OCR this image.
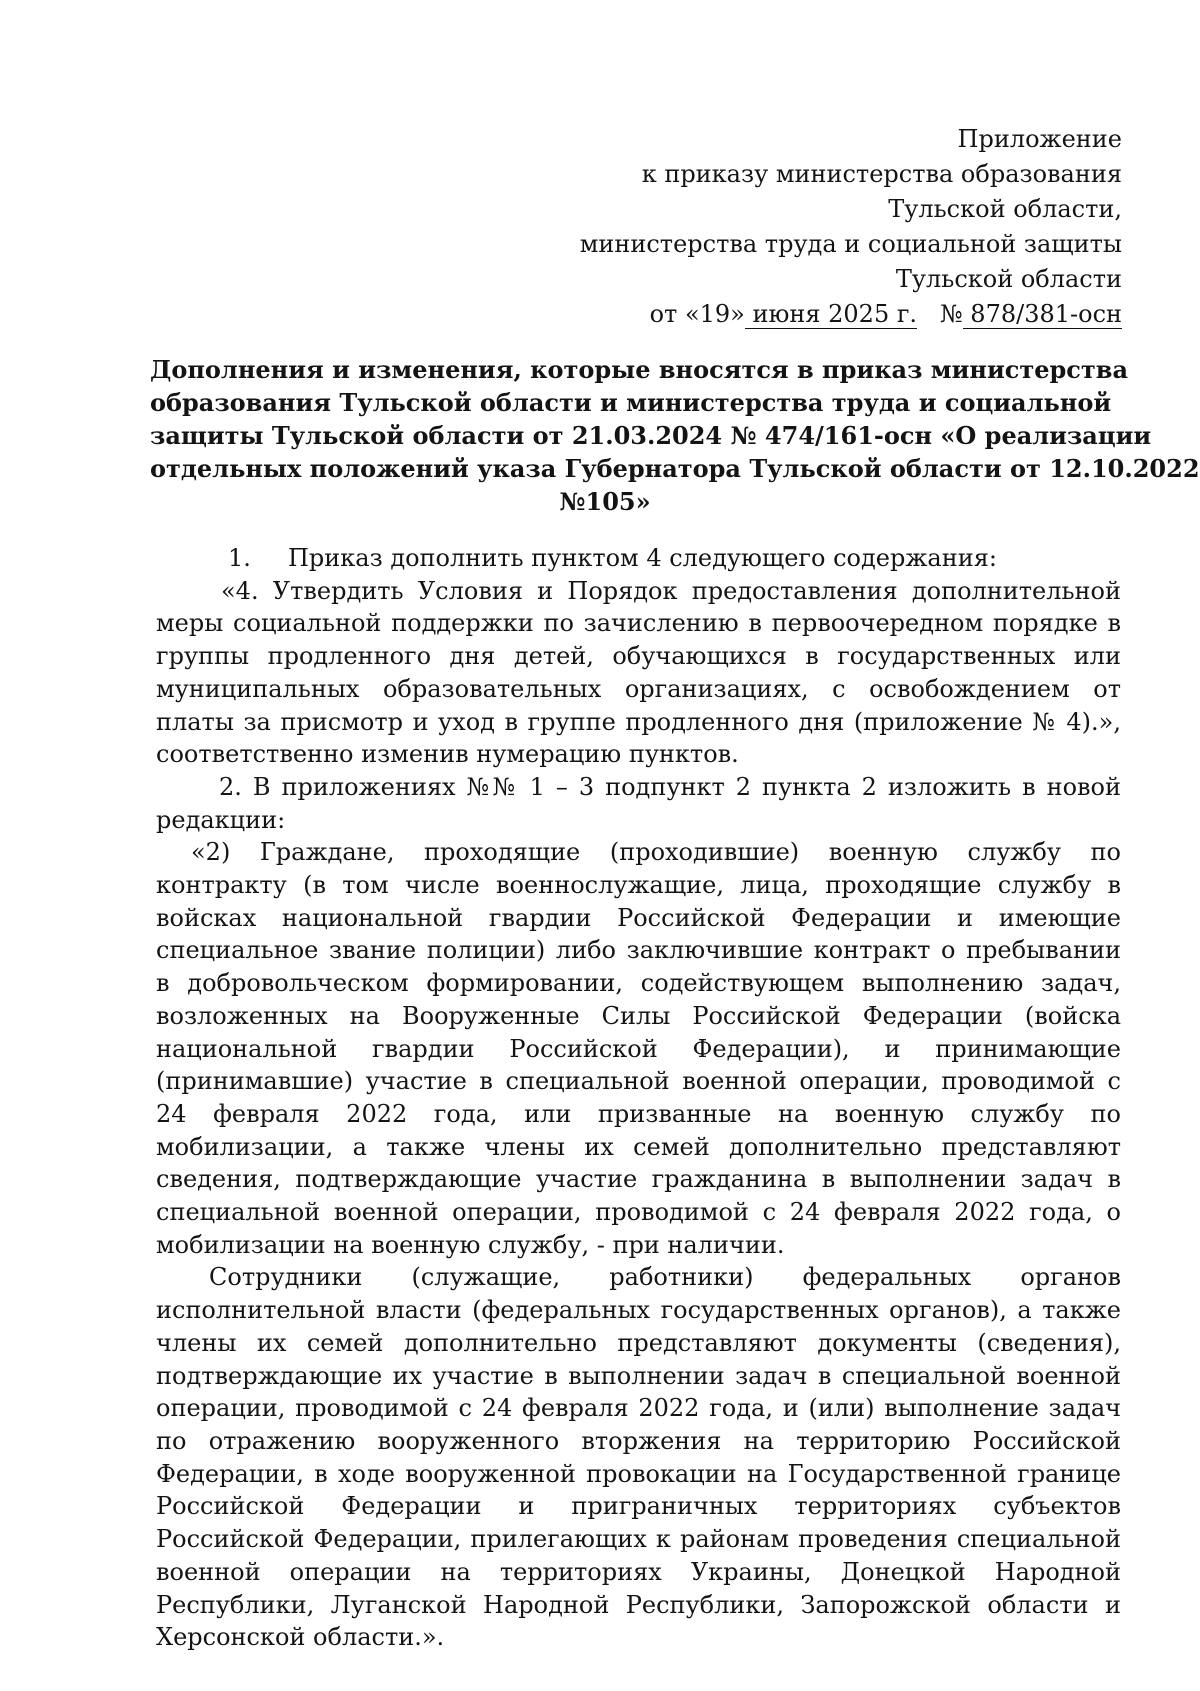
Приложение
к приказу министерства образования
Тульской области,
министерства труда и социальной защиты
Тульской области
от «19» июня 2025 г. № 878/381-осн
Дополнения и изменения, которые вносятся в приказ министерства
образования Тульской области и министерства труда и социальной
защиты Тульской области от 21.03.2024 № 474/161-осн «О реализации
отдельных положений указа Губернатора Тульской области от 12.10.2022
№105»

1. Приказ дополнить пунктом 4 следующего содержания:

«4. Утвердить Условия и Порядок предоставления дополнительной меры социальной поддержки по зачислению в первоочередном порядке в группы продленного дня детей, обучающихся в государственных или муниципальных образовательных организациях, с освобождением от платы за присмотр и уход в группе продленного дня (приложение № 4).», соответственно изменив нумерацию пунктов.

2. В приложениях №№ 1 – 3 подпункт 2 пункта 2 изложить в новой редакции:

«2) Граждане, проходящие (проходившие) военную службу по контракту (в том числе военнослужащие, лица, проходящие службу в войсках национальной гвардии Российской Федерации и имеющие специальное звание полиции) либо заключившие контракт о пребывании в добровольческом формировании, содействующем выполнению задач, возложенных на Вооруженные Силы Российской Федерации (войска национальной гвардии Российской Федерации), и принимающие (принимавшие) участие в специальной военной операции, проводимой с 24 февраля 2022 года, или призванные на военную службу по мобилизации, а также члены их семей дополнительно представляют сведения, подтверждающие участие гражданина в выполнении задач в специальной военной операции, проводимой с 24 февраля 2022 года, о мобилизации на военную службу, - при наличии.

Сотрудники (служащие, работники) федеральных органов исполнительной власти (федеральных государственных органов), а также члены их семей дополнительно представляют документы (сведения), подтверждающие их участие в выполнении задач в специальной военной операции, проводимой с 24 февраля 2022 года, и (или) выполнение задач по отражению вооруженного вторжения на территорию Российской Федерации, в ходе вооруженной провокации на Государственной границе Российской Федерации и приграничных территориях субъектов Российской Федерации, прилегающих к районам проведения специальной военной операции на территориях Украины, Донецкой Народной Республики, Луганской Народной Республики, Запорожской области и Херсонской области.».
